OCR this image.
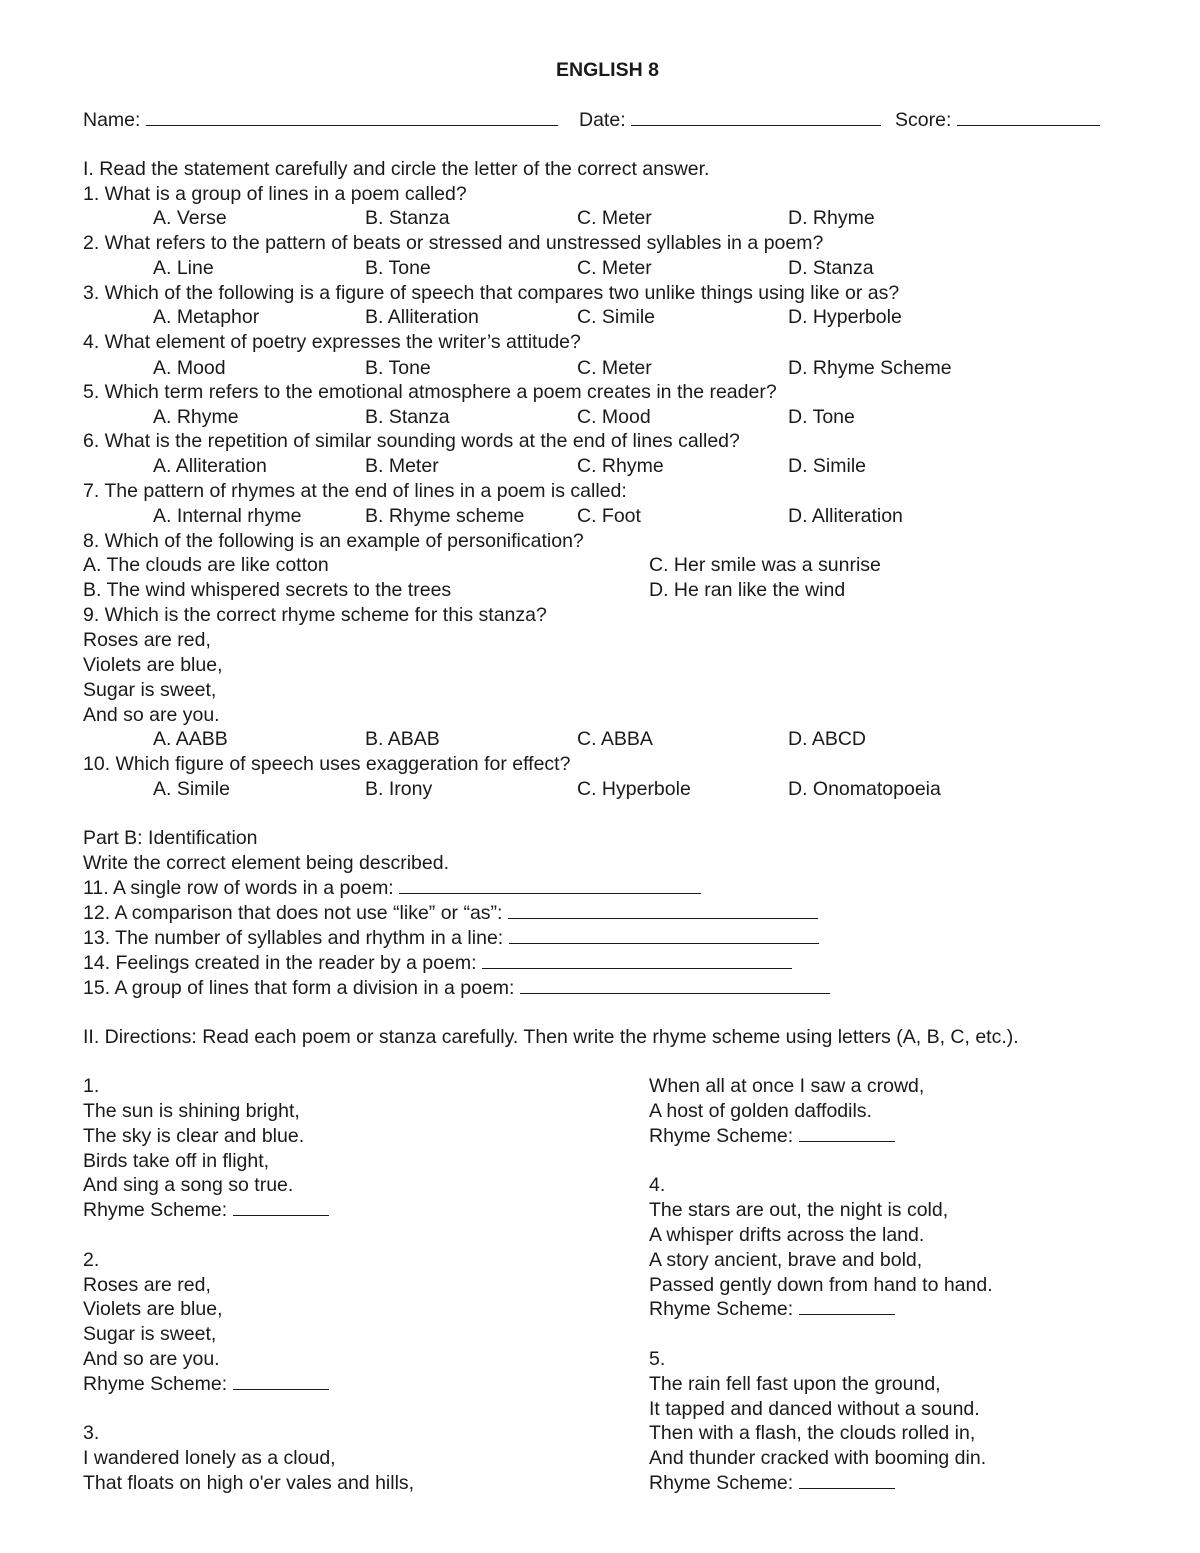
ENGLISH 8
Name:	Date:	Score:
I. Read the statement carefully and circle the letter of the correct answer.
1. What is a group of lines in a poem called?
A. Verse	B. Stanza	C. Meter	D. Rhyme
2. What refers to the pattern of beats or stressed and unstressed syllables in a poem?
A. Line	B. Tone	C. Meter	D. Stanza
3. Which of the following is a figure of speech that compares two unlike things using like or as?
A. Metaphor	B. Alliteration	C. Simile	D. Hyperbole
4. What element of poetry expresses the writer’s attitude?
A. Mood	B. Tone	C. Meter	D. Rhyme Scheme
5. Which term refers to the emotional atmosphere a poem creates in the reader?
A. Rhyme	B. Stanza	C. Mood	D. Tone
6. What is the repetition of similar sounding words at the end of lines called?
A. Alliteration	B. Meter	C. Rhyme	D. Simile
7. The pattern of rhymes at the end of lines in a poem is called:
A. Internal rhyme	B. Rhyme scheme	C. Foot	D. Alliteration
8. Which of the following is an example of personification?
A. The clouds are like cotton	C. Her smile was a sunrise
B. The wind whispered secrets to the trees	D. He ran like the wind
9. Which is the correct rhyme scheme for this stanza?
Roses are red,
Violets are blue,
Sugar is sweet,
And so are you.
A. AABB	B. ABAB	C. ABBA	D. ABCD
10. Which figure of speech uses exaggeration for effect?
A. Simile	B. Irony	C. Hyperbole	D. Onomatopoeia
Part B: Identification
Write the correct element being described.
11. A single row of words in a poem:
12. A comparison that does not use “like” or “as”:
13. The number of syllables and rhythm in a line:
14. Feelings created in the reader by a poem:
15. A group of lines that form a division in a poem:
II. Directions: Read each poem or stanza carefully. Then write the rhyme scheme using letters (A, B, C, etc.).
1.
The sun is shining bright,
The sky is clear and blue.
Birds take off in flight,
And sing a song so true.
Rhyme Scheme:
2.
Roses are red,
Violets are blue,
Sugar is sweet,
And so are you.
Rhyme Scheme:
3.
I wandered lonely as a cloud,
That floats on high o'er vales and hills,
When all at once I saw a crowd,
A host of golden daffodils.
Rhyme Scheme:
4.
The stars are out, the night is cold,
A whisper drifts across the land.
A story ancient, brave and bold,
Passed gently down from hand to hand.
Rhyme Scheme:
5.
The rain fell fast upon the ground,
It tapped and danced without a sound.
Then with a flash, the clouds rolled in,
And thunder cracked with booming din.
Rhyme Scheme:
